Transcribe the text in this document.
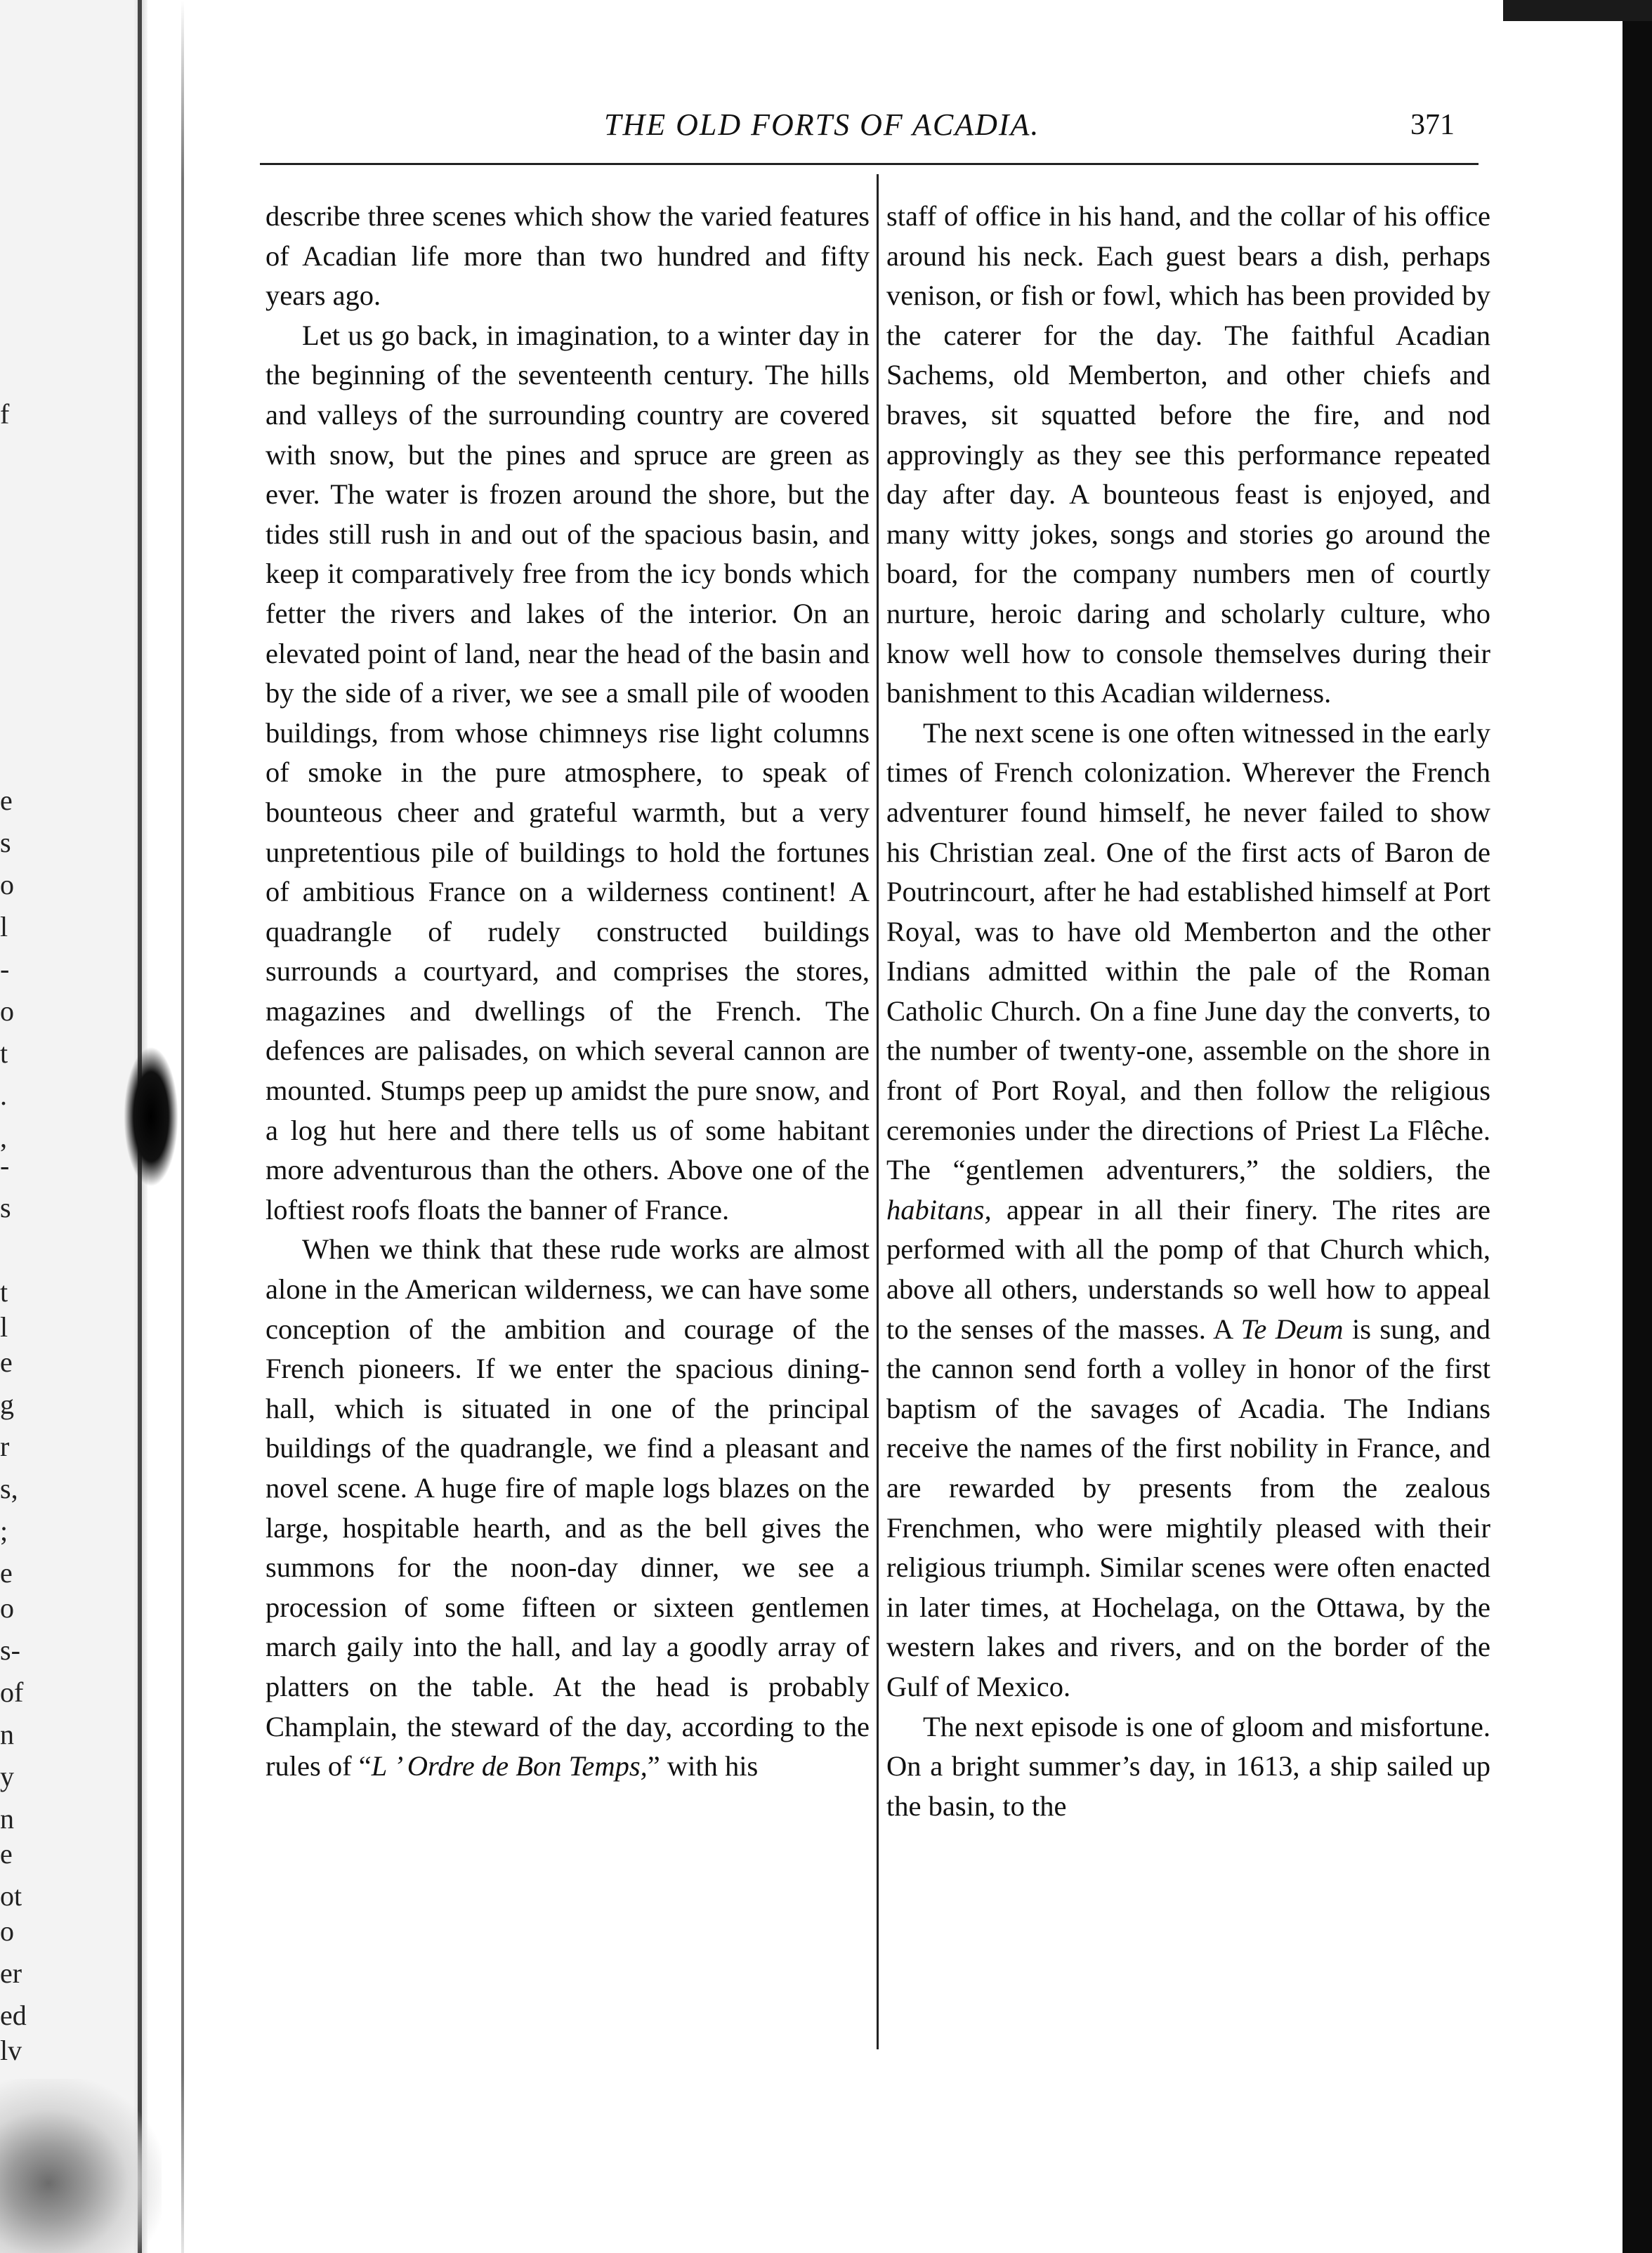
f
e
s
o
l
-
o
t
.
,
-
s
t
l
e
g
r
s,
;
e
o
s-
of
n
y
n
e
ot
o
er
ed
lv
THE OLD FORTS OF ACADIA.	371

describe three scenes which show the varied features of Acadian life more than two hundred and fifty years ago.

Let us go back, in imagination, to a winter day in the beginning of the seventeenth century. The hills and valleys of the surrounding country are covered with snow, but the pines and spruce are green as ever. The water is frozen around the shore, but the tides still rush in and out of the spacious basin, and keep it comparatively free from the icy bonds which fetter the rivers and lakes of the interior. On an elevated point of land, near the head of the basin and by the side of a river, we see a small pile of wooden buildings, from whose chimneys rise light columns of smoke in the pure atmosphere, to speak of bounteous cheer and grateful warmth, but a very unpretentious pile of buildings to hold the fortunes of ambitious France on a wilderness continent! A quadrangle of rudely constructed buildings surrounds a courtyard, and comprises the stores, magazines and dwellings of the French. The defences are palisades, on which several cannon are mounted. Stumps peep up amidst the pure snow, and a log hut here and there tells us of some habitant more adventurous than the others. Above one of the loftiest roofs floats the banner of France.

When we think that these rude works are almost alone in the American wilderness, we can have some conception of the ambition and courage of the French pioneers. If we enter the spacious dining-hall, which is situated in one of the principal buildings of the quadrangle, we find a pleasant and novel scene. A huge fire of maple logs blazes on the large, hospitable hearth, and as the bell gives the summons for the noon-day dinner, we see a procession of some fifteen or sixteen gentlemen march gaily into the hall, and lay a goodly array of platters on the table. At the head is probably Champlain, the steward of the day, according to the rules of “L ’ Ordre de Bon Temps,” with his

staff of office in his hand, and the collar of his office around his neck. Each guest bears a dish, perhaps venison, or fish or fowl, which has been provided by the caterer for the day. The faithful Acadian Sachems, old Memberton, and other chiefs and braves, sit squatted before the fire, and nod approvingly as they see this performance repeated day after day. A bounteous feast is enjoyed, and many witty jokes, songs and stories go around the board, for the company numbers men of courtly nurture, heroic daring and scholarly culture, who know well how to console themselves during their banishment to this Acadian wilderness.

The next scene is one often witnessed in the early times of French colonization. Wherever the French adventurer found himself, he never failed to show his Christian zeal. One of the first acts of Baron de Poutrincourt, after he had established himself at Port Royal, was to have old Memberton and the other Indians admitted within the pale of the Roman Catholic Church. On a fine June day the converts, to the number of twenty-one, assemble on the shore in front of Port Royal, and then follow the religious ceremonies under the directions of Priest La Flêche. The “gentlemen adventurers,” the soldiers, the habitans, appear in all their finery. The rites are performed with all the pomp of that Church which, above all others, understands so well how to appeal to the senses of the masses. A Te Deum is sung, and the cannon send forth a volley in honor of the first baptism of the savages of Acadia. The Indians receive the names of the first nobility in France, and are rewarded by presents from the zealous Frenchmen, who were mightily pleased with their religious triumph. Similar scenes were often enacted in later times, at Hochelaga, on the Ottawa, by the western lakes and rivers, and on the border of the Gulf of Mexico.

The next episode is one of gloom and misfortune. On a bright summer’s day, in 1613, a ship sailed up the basin, to the
